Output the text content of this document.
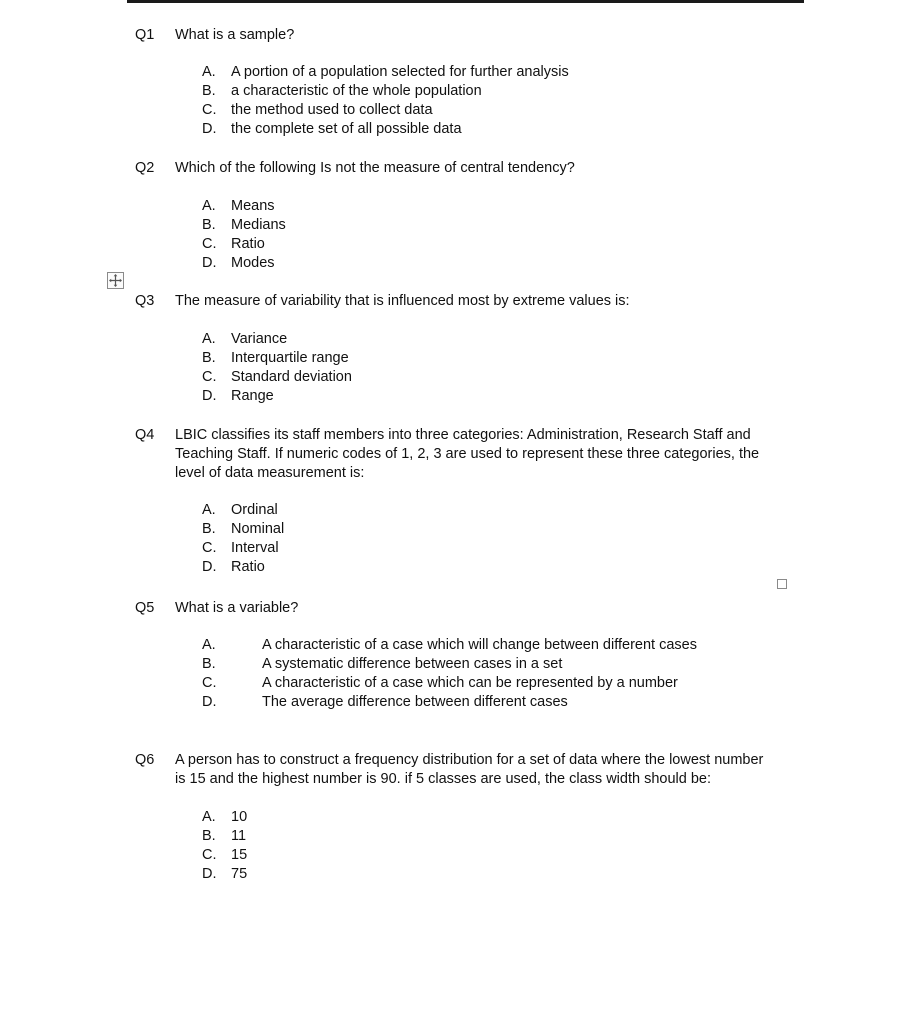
Q1 What is a sample?
A. A portion of a population selected for further analysis
B. a characteristic of the whole population
C. the method used to collect data
D. the complete set of all possible data
Q2 Which of the following Is not the measure of central tendency?
A. Means
B. Medians
C. Ratio
D. Modes
Q3 The measure of variability that is influenced most by extreme values is:
A. Variance
B. Interquartile range
C. Standard deviation
D. Range
Q4 LBIC classifies its staff members into three categories: Administration, Research Staff and Teaching Staff. If numeric codes of 1, 2, 3 are used to represent these three categories, the level of data measurement is:
A. Ordinal
B. Nominal
C. Interval
D. Ratio
Q5 What is a variable?
A.	A characteristic of a case which will change between different cases
B.	A systematic difference between cases in a set
C.	A characteristic of a case which can be represented by a number
D.	The average difference between different cases
Q6 A person has to construct a frequency distribution for a set of data where the lowest number is 15 and the highest number is 90. if 5 classes are used, the class width should be:
A. 10
B. 11
C. 15
D. 75
